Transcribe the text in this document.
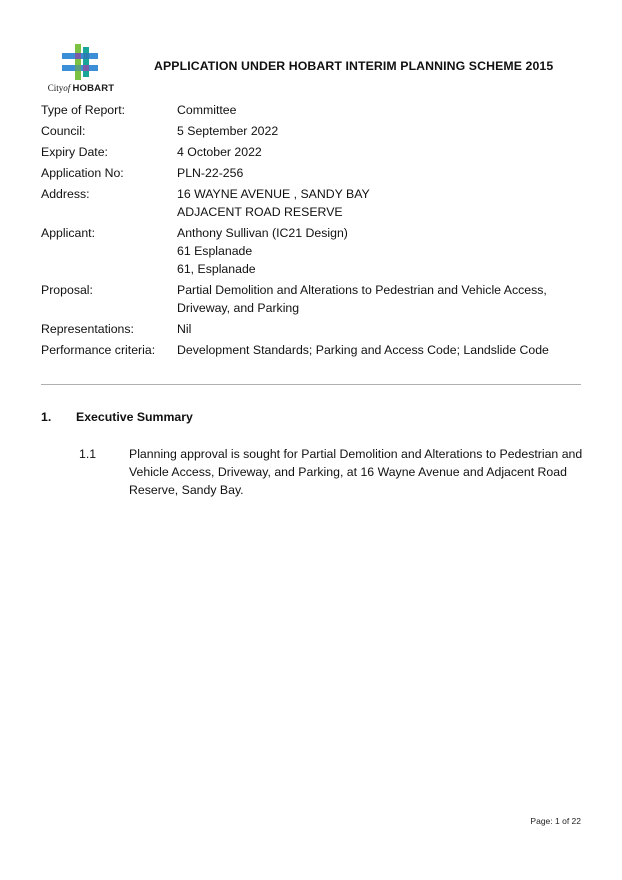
Cityof HOBART
APPLICATION UNDER HOBART INTERIM PLANNING SCHEME 2015
Type of Report:	Committee
Council:	5 September 2022
Expiry Date:	4 October 2022
Application No:	PLN-22-256
Address:	16 WAYNE AVENUE , SANDY BAY
ADJACENT ROAD RESERVE
Applicant:	Anthony Sullivan (IC21 Design)
61 Esplanade
61, Esplanade
Proposal:	Partial Demolition and Alterations to Pedestrian and Vehicle Access,
Driveway, and Parking
Representations:	Nil
Performance criteria:	Development Standards; Parking and Access Code; Landslide Code
1. Executive Summary
1.1	Planning approval is sought for Partial Demolition and Alterations to Pedestrian and Vehicle Access, Driveway, and Parking, at 16 Wayne Avenue and Adjacent Road Reserve, Sandy Bay.
Page: 1 of 22
